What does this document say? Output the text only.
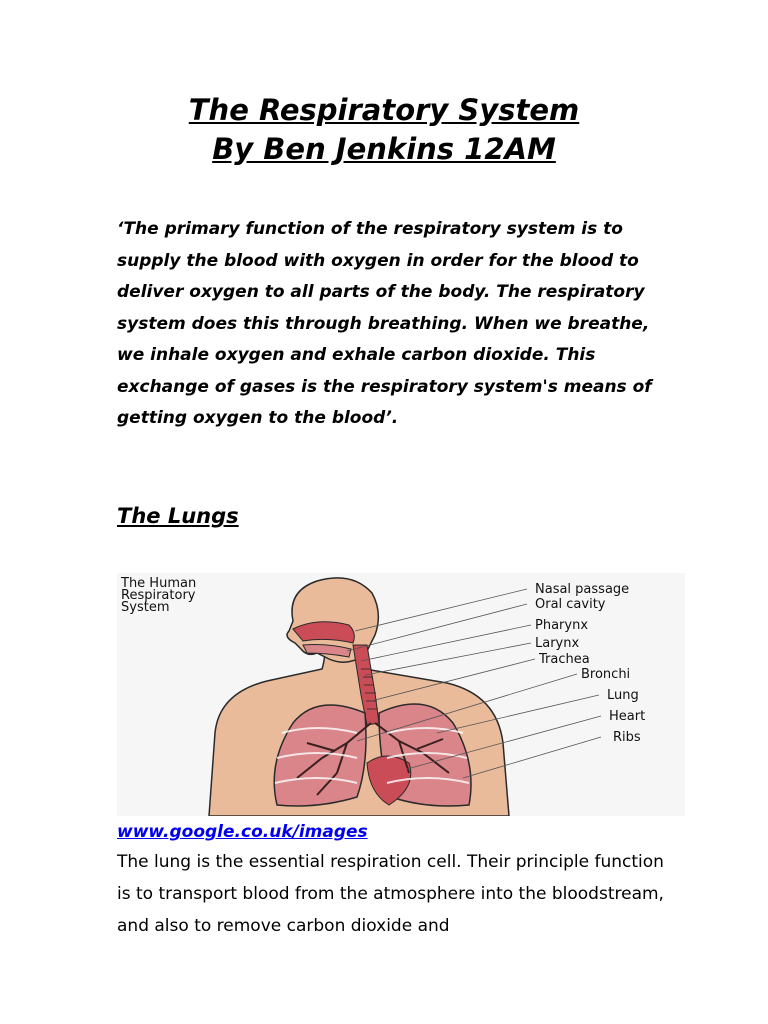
The Respiratory System
By Ben Jenkins 12AM

‘The primary function of the respiratory system is to supply the blood with oxygen in order for the blood to deliver oxygen to all parts of the body. The respiratory system does this through breathing. When we breathe, we inhale oxygen and exhale carbon dioxide. This exchange of gases is the respiratory system's means of getting oxygen to the blood’.

The Lungs
The Human
Respiratory
System
Nasal passage
Oral cavity
Pharynx
Larynx
Trachea
Bronchi
Lung
Heart
Ribs
www.google.co.uk/images

The lung is the essential respiration cell. Their principle function is to transport blood from the atmosphere into the bloodstream, and also to remove carbon dioxide and
